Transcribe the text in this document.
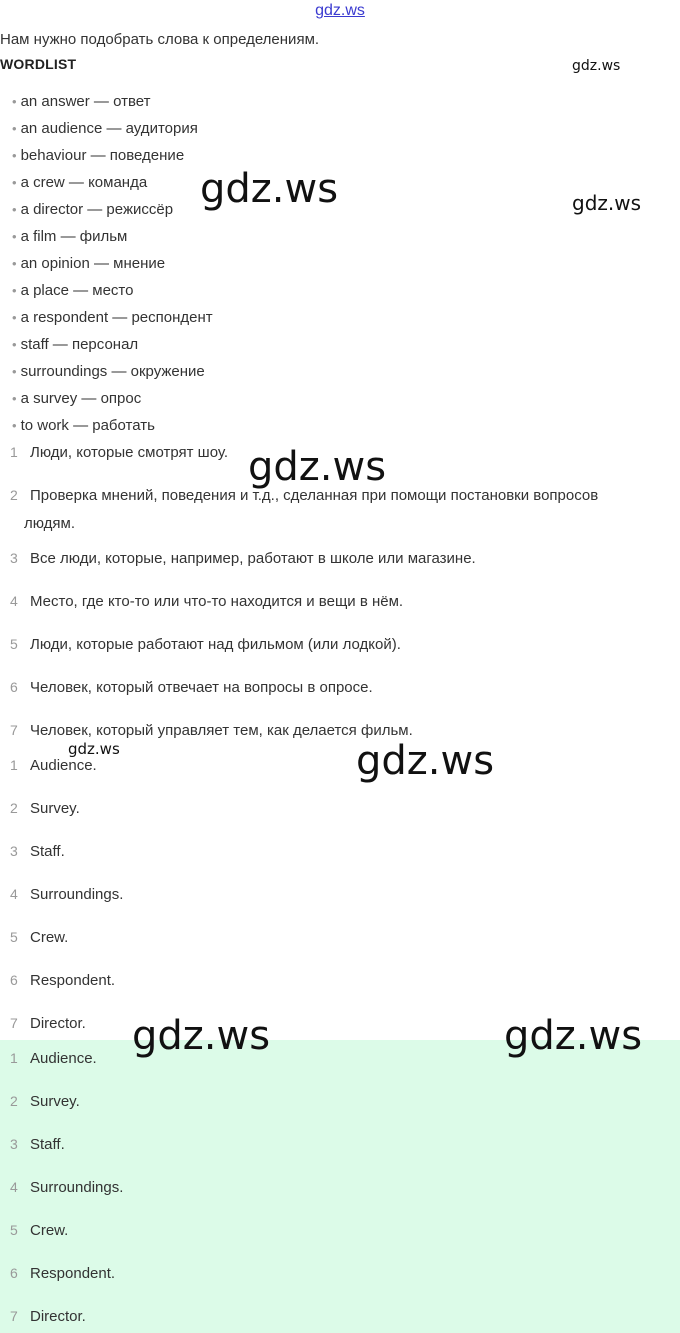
gdz.ws
Нам нужно подобрать слова к определениям.
WORDLIST
• an answer — ответ
• an audience — аудитория
• behaviour — поведение
• a crew — команда
• a director — режиссёр
• a film — фильм
• an opinion — мнение
• a place — место
• a respondent — респондент
• staff — персонал
• surroundings — окружение
• a survey — опрос
• to work — работать
1 Люди, которые смотрят шоу.
2 Проверка мнений, поведения и т.д., сделанная при помощи постановки вопросов
людям.
3 Все люди, которые, например, работают в школе или магазине.
4 Место, где кто-то или что-то находится и вещи в нём.
5 Люди, которые работают над фильмом (или лодкой).
6 Человек, который отвечает на вопросы в опросе.
7 Человек, который управляет тем, как делается фильм.
1 Audience.
2 Survey.
3 Staff.
4 Surroundings.
5 Crew.
6 Respondent.
7 Director.
1 Audience.
2 Survey.
3 Staff.
4 Surroundings.
5 Crew.
6 Respondent.
7 Director.
gdz.ws
gdz.ws	gdz.ws
gdz.ws
gdz.ws	gdz.ws
gdz.ws	gdz.ws
